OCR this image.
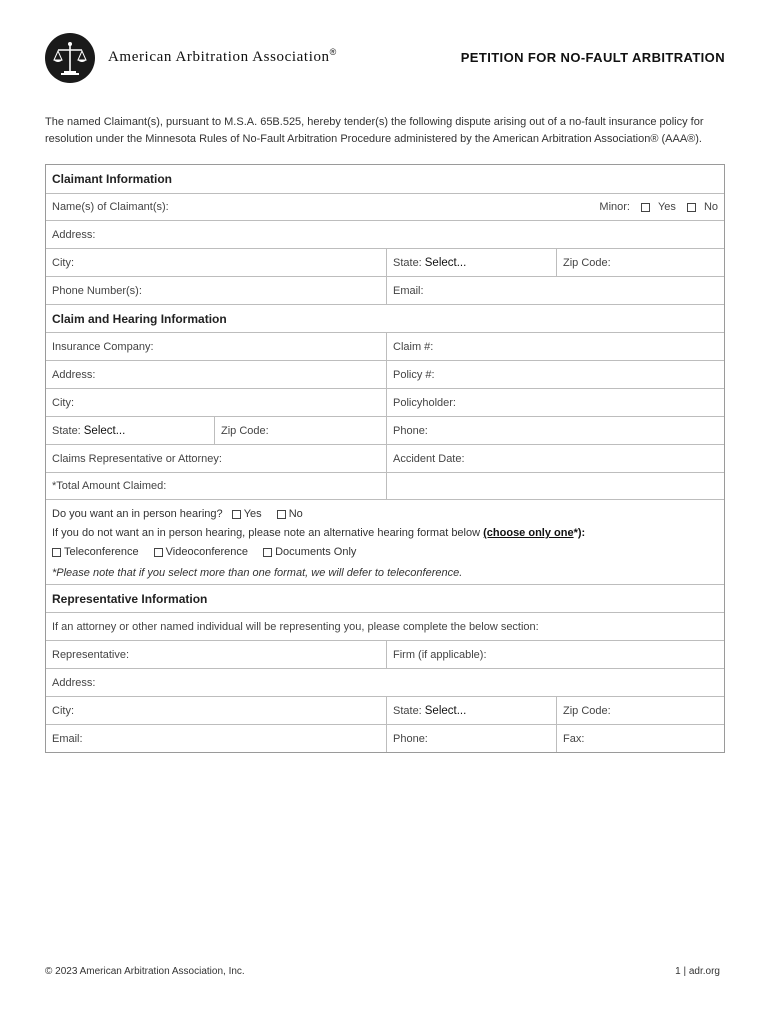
American Arbitration Association®	PETITION FOR NO-FAULT ARBITRATION
The named Claimant(s), pursuant to M.S.A. 65B.525, hereby tender(s) the following dispute arising out of a no-fault insurance policy for resolution under the Minnesota Rules of No-Fault Arbitration Procedure administered by the American Arbitration Association® (AAA®).
Claimant Information
Name(s) of Claimant(s):	Minor:	Yes	No
Address:
City:	State: Select...	Zip Code:
Phone Number(s):	Email:
Claim and Hearing Information
Insurance Company:	Claim #:
Address:	Policy #:
City:	Policyholder:
State: Select...	Zip Code:	Phone:
Claims Representative or Attorney:	Accident Date:
*Total Amount Claimed:
Do you want an in person hearing? Yes No
If you do not want an in person hearing, please note an alternative hearing format below (choose only one*):
Teleconference
Videoconference
Documents Only
*Please note that if you select more than one format, we will defer to teleconference.
Representative Information
If an attorney or other named individual will be representing you, please complete the below section:
Representative:	Firm (if applicable):
Address:
City:	State: Select...	Zip Code:
Email:	Phone:	Fax:
© 2023 American Arbitration Association, Inc.	1 | adr.org
